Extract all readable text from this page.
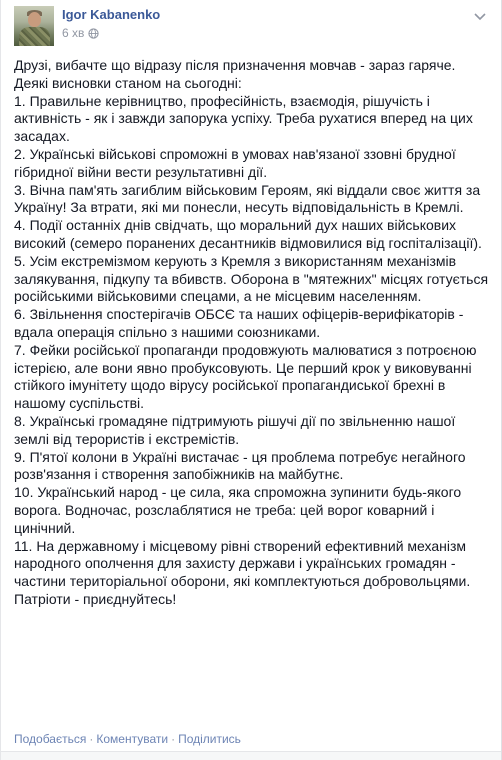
Igor Kabanenko
6 хв

Друзі, вибачте що відразу після призначення мовчав - зараз гаряче.

Деякі висновки станом на сьогодні:

1. Правильне керівництво, професійність, взаємодія, рішучість і активність - як і завжди запорука успіху. Треба рухатися вперед на цих засадах.

2. Українські військові спроможні в умовах нав'язаної ззовні брудної гібридної війни вести результативні дії.

3. Вічна пам'ять загиблим військовим Героям, які віддали своє життя за Україну! За втрати, які ми понесли, несуть відповідальність в Кремлі.

4. Події останніх днів свідчать, що моральний дух наших військових високий (семеро поранених десантників відмовилися від госпіталізації).

5. Усім екстремізмом керують з Кремля з використанням механізмів залякування, підкупу та вбивств. Оборона в "мятежних" місцях готується російськими військовими спецами, а не місцевим населенням.

6. Звільнення спостерігачів ОБСЄ та наших офіцерів-верифікаторів - вдала операція спільно з нашими союзниками.

7. Фейки російської пропаганди продовжують малюватися з потроєною істерією, але вони явно пробуксовують. Це перший крок у виковуванні стійкого імунітету щодо вірусу російської пропагандиської брехні в нашому суспільстві.

8. Українські громадяне підтримують рішучі дії по звільненню нашої землі від терористів і екстремістів.

9. П'ятої колони в Україні вистачає - ця проблема потребує негайного розв'язання і створення запобіжників на майбутнє.

10. Український народ - це сила, яка спроможна зупинити будь-якого ворога. Водночас, розслаблятися не треба: цей ворог коварний і цинічний.

11. На державному і місцевому рівні створений ефективний механізм народного ополчення для захисту держави і українських громадян - частини територіальної оборони, які комплектуються добровольцями. Патріоти - приєднуйтесь!

Подобається · Коментувати · Поділитись
